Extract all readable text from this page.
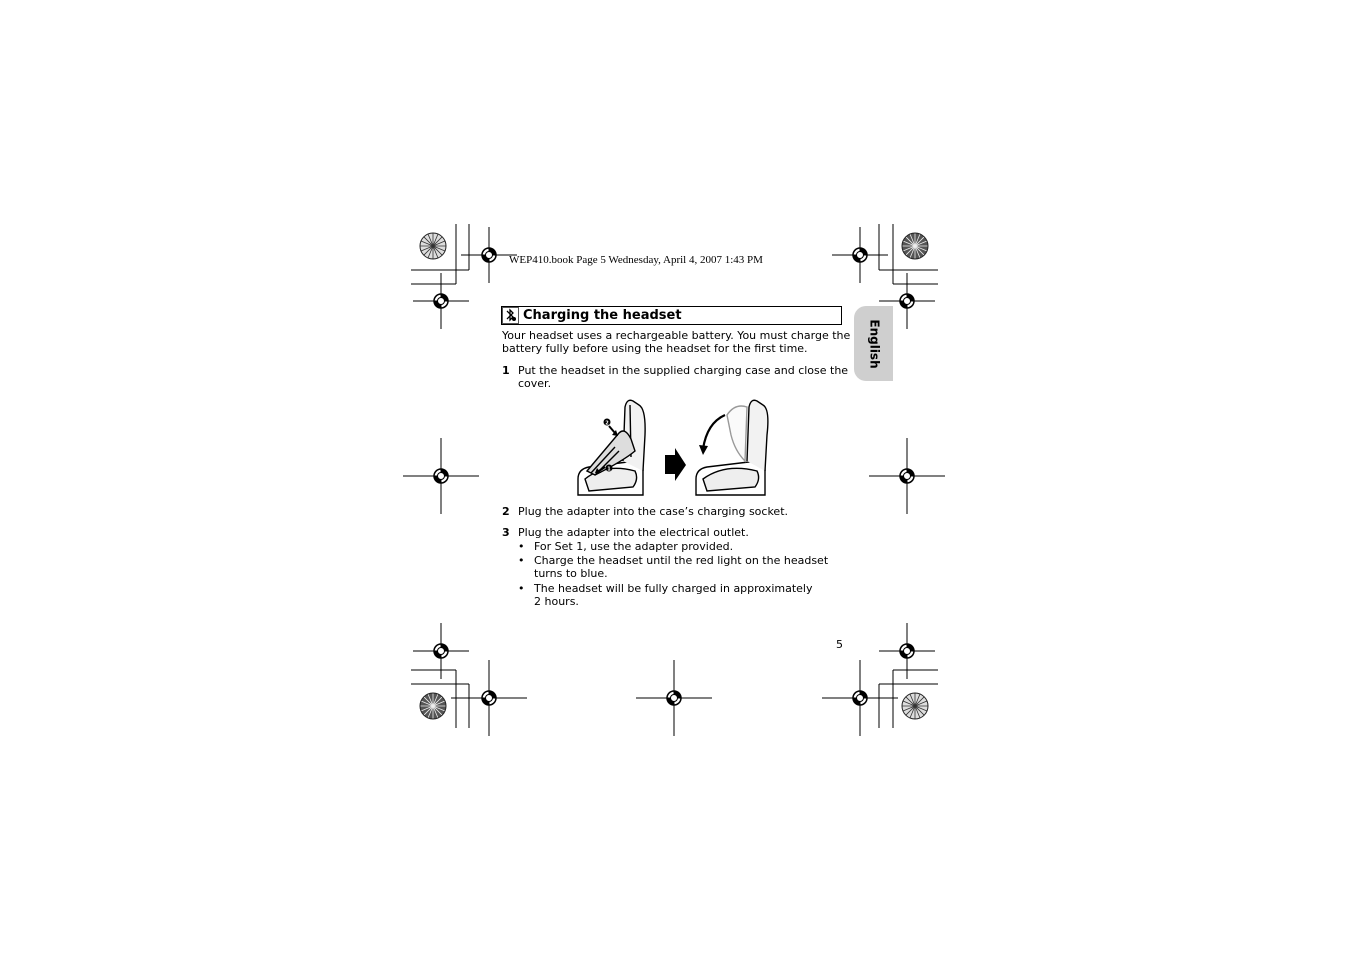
WEP410.book Page 5 Wednesday, April 4, 2007 1:43 PM
Charging the headset
Your headset uses a rechargeable battery. You must charge the
battery fully before using the headset for the first time.
1 Put the headset in the supplied charging case and close the
cover.
2
1
2 Plug the adapter into the case’s charging socket.
3 Plug the adapter into the electrical outlet.
• For Set 1, use the adapter provided.
• Charge the headset until the red light on the headset
turns to blue.
• The headset will be fully charged in approximately
2 hours.
English
5
